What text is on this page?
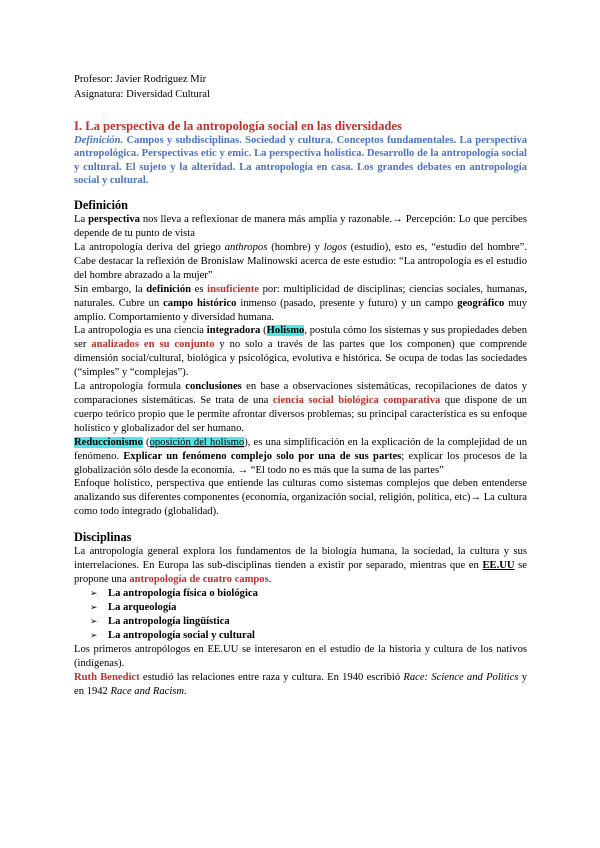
Profesor: Javier Rodriguez Mir

Asignatura: Diversidad Cultural

I. La perspectiva de la antropología social en las diversidades

Definición. Campos y subdisciplinas. Sociedad y cultura. Conceptos fundamentales. La perspectiva antropológica. Perspectivas etic y emic. La perspectiva holística. Desarrollo de la antropología social y cultural. El sujeto y la alteridad. La antropología en casa. Los grandes debates en antropología social y cultural.

Definición

La perspectiva nos lleva a reflexionar de manera más amplia y razonable.→ Percepción: Lo que percibes depende de tu punto de vista

La antropología deriva del griego anthropos (hombre) y logos (estudio), esto es, “estudio del hombre”. Cabe destacar la reflexión de Bronislaw Malinowski acerca de este estudio: “La antropología es el estudio del hombre abrazado a la mujer”

Sin embargo, la definición es insuficiente por: multiplicidad de disciplinas; ciencias sociales, humanas, naturales. Cubre un campo histórico inmenso (pasado, presente y futuro) y un campo geográfico muy amplio. Comportamiento y diversidad humana.

La antropología es una ciencia integradora (Holismo, postula cómo los sistemas y sus propiedades deben ser analizados en su conjunto y no solo a través de las partes que los componen) que comprende dimensión social/cultural, biológica y psicológica, evolutiva e histórica. Se ocupa de todas las sociedades (“simples” y “complejas”).

La antropología formula conclusiones en base a observaciones sistemáticas, recopilaciones de datos y comparaciones sistemáticas. Se trata de una ciencia social biológica comparativa que dispone de un cuerpo teórico propio que le permite afrontar diversos problemas; su principal característica es su enfoque holístico y globalizador del ser humano.

Reduccionismo (oposición del holismo), es una simplificación en la explicación de la complejidad de un fenómeno. Explicar un fenómeno complejo solo por una de sus partes; explicar los procesos de la globalización sólo desde la economía. → “El todo no es más que la suma de las partes”

Enfoque holístico, perspectiva que entiende las culturas como sistemas complejos que deben entenderse analizando sus diferentes componentes (economía, organización social, religión, política, etc)→ La cultura como todo integrado (globalidad).

Disciplinas

La antropología general explora los fundamentos de la biología humana, la sociedad, la cultura y sus interrelaciones. En Europa las sub-disciplinas tienden a existir por separado, mientras que en EE.UU se propone una antropología de cuatro campos.

➢ La antropología física o biológica
➢ La arqueología
➢ La antropología lingüística
➢ La antropología social y cultural

Los primeros antropólogos en EE.UU se interesaron en el estudio de la historia y cultura de los nativos (indígenas).

Ruth Benedict estudió las relaciones entre raza y cultura. En 1940 escribió Race: Science and Politics y en 1942 Race and Racism.
